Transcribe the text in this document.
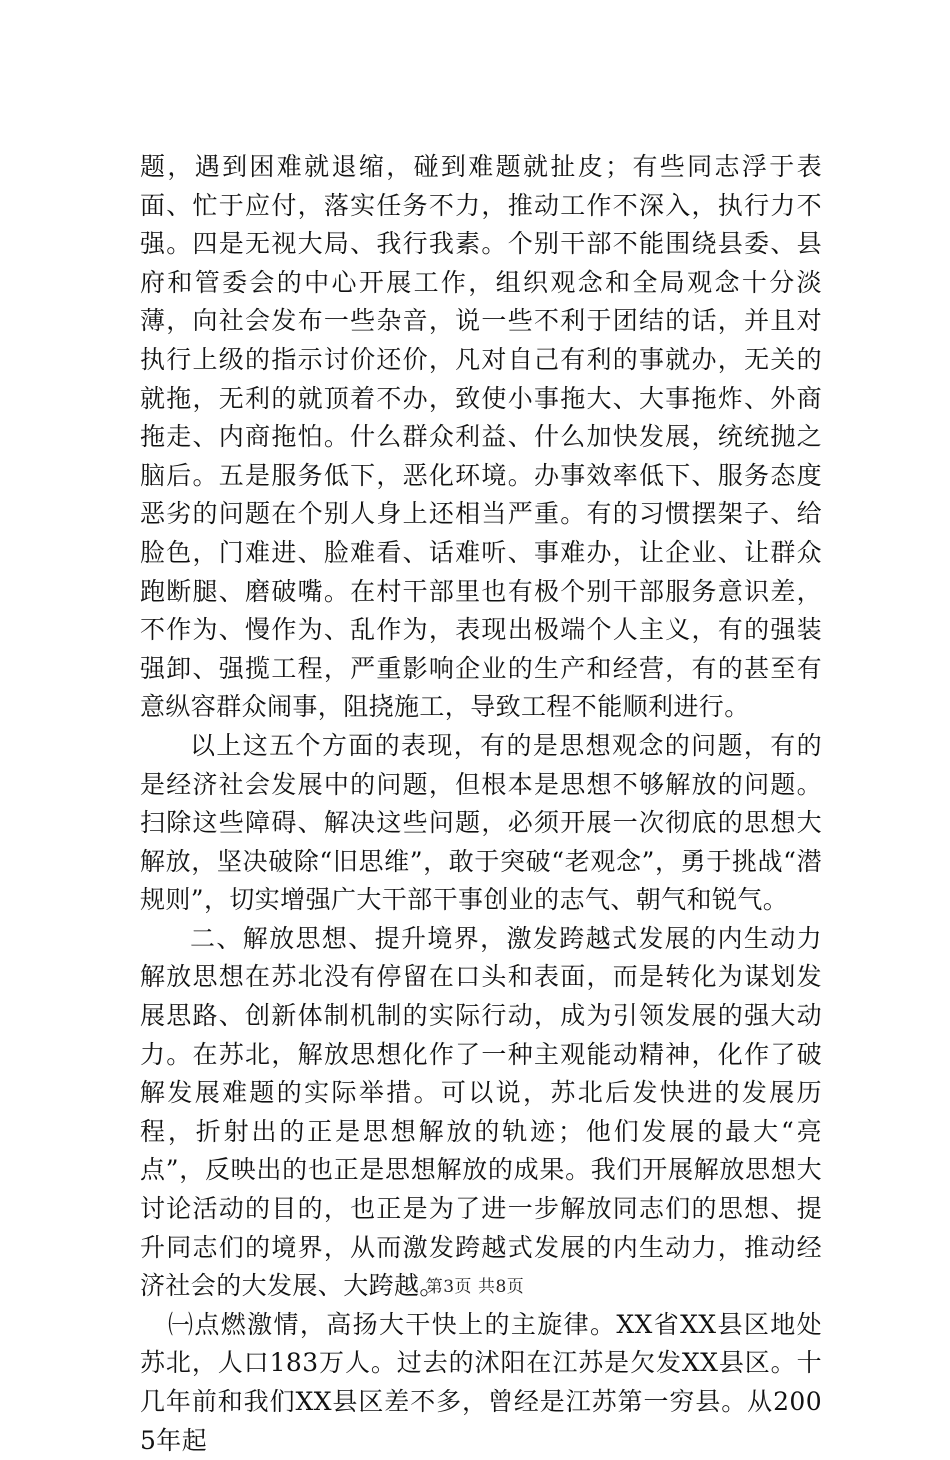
题，遇到困难就退缩，碰到难题就扯皮；有些同志浮于表面、忙于应付，落实任务不力，推动工作不深入，执行力不强。四是无视大局、我行我素。个别干部不能围绕县委、县府和管委会的中心开展工作，组织观念和全局观念十分淡薄，向社会发布一些杂音，说一些不利于团结的话，并且对执行上级的指示讨价还价，凡对自己有利的事就办，无关的就拖，无利的就顶着不办，致使小事拖大、大事拖炸、外商拖走、内商拖怕。什么群众利益、什么加快发展，统统抛之脑后。五是服务低下，恶化环境。办事效率低下、服务态度恶劣的问题在个别人身上还相当严重。有的习惯摆架子、给脸色，门难进、脸难看、话难听、事难办，让企业、让群众跑断腿、磨破嘴。在村干部里也有极个别干部服务意识差，不作为、慢作为、乱作为，表现出极端个人主义，有的强装强卸、强揽工程，严重影响企业的生产和经营，有的甚至有意纵容群众闹事，阻挠施工，导致工程不能顺利进行。

以上这五个方面的表现，有的是思想观念的问题，有的是经济社会发展中的问题，但根本是思想不够解放的问题。扫除这些障碍、解决这些问题，必须开展一次彻底的思想大解放，坚决破除“旧思维”，敢于突破“老观念”，勇于挑战“潜规则”，切实增强广大干部干事创业的志气、朝气和锐气。

二、解放思想、提升境界，激发跨越式发展的内生动力解放思想在苏北没有停留在口头和表面，而是转化为谋划发展思路、创新体制机制的实际行动，成为引领发展的强大动力。在苏北，解放思想化作了一种主观能动精神，化作了破解发展难题的实际举措。可以说，苏北后发快进的发展历程，折射出的正是思想解放的轨迹；他们发展的最大“亮点”，反映出的也正是思想解放的成果。我们开展解放思想大讨论活动的目的，也正是为了进一步解放同志们的思想、提升同志们的境界，从而激发跨越式发展的内生动力，推动经济社会的大发展、大跨越。

㈠点燃激情，高扬大干快上的主旋律。XX省XX县区地处苏北，人口183万人。过去的沭阳在江苏是欠发XX县区。十几年前和我们XX县区差不多，曾经是江苏第一穷县。从2005年起

第3页 共8页
